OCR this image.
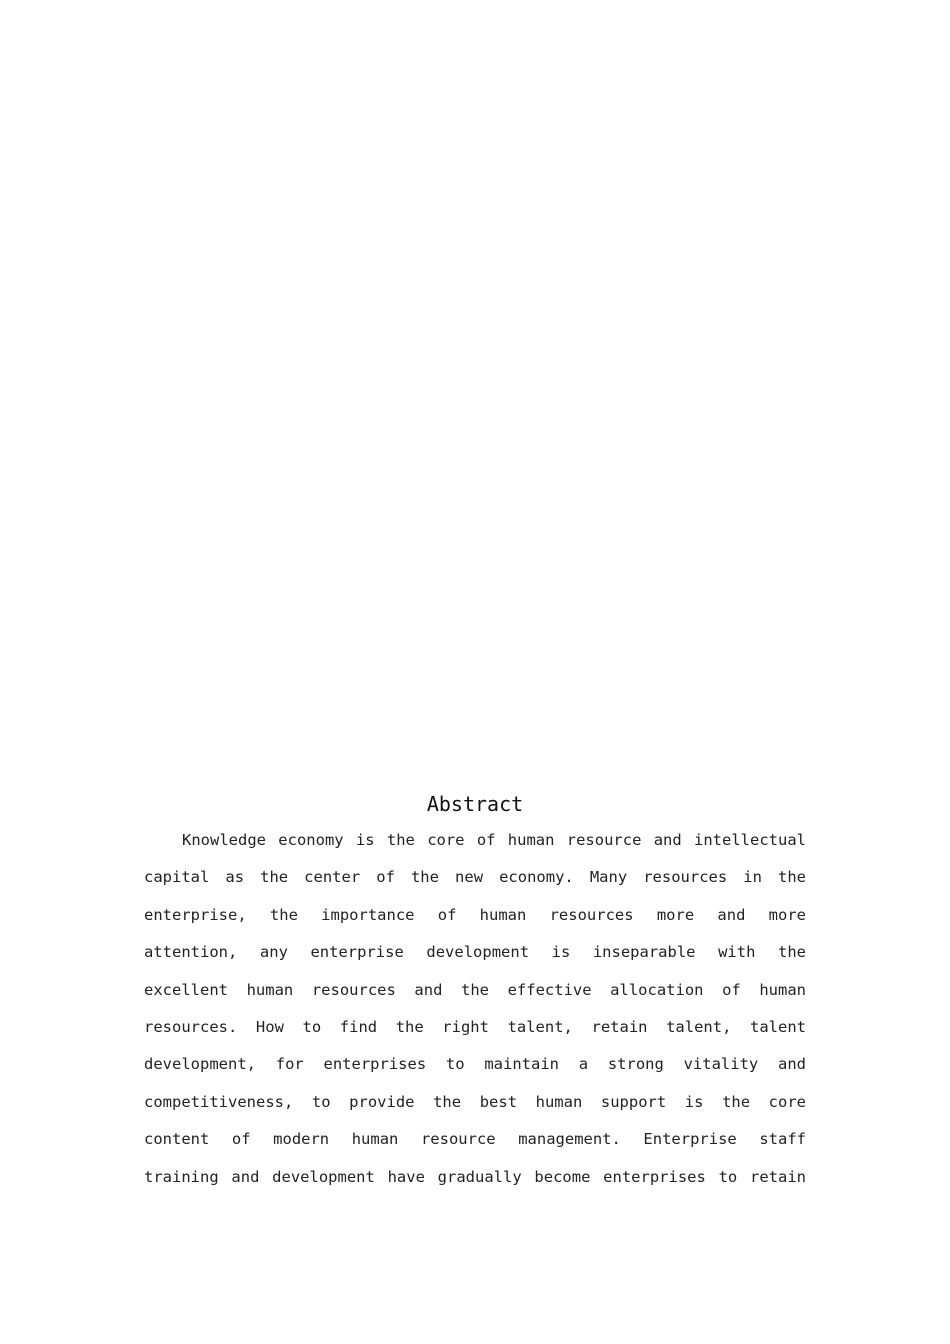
Abstract
Knowledge economy is the core of human resource and intellectual
capital as the center of the new economy. Many resources in the
enterprise, the importance of human resources more and more
attention, any enterprise development is inseparable with the
excellent human resources and the effective allocation of human
resources. How to find the right talent, retain talent, talent
development, for enterprises to maintain a strong vitality and
competitiveness, to provide the best human support is the core
content of modern human resource management. Enterprise staff
training and development have gradually become enterprises to retain
